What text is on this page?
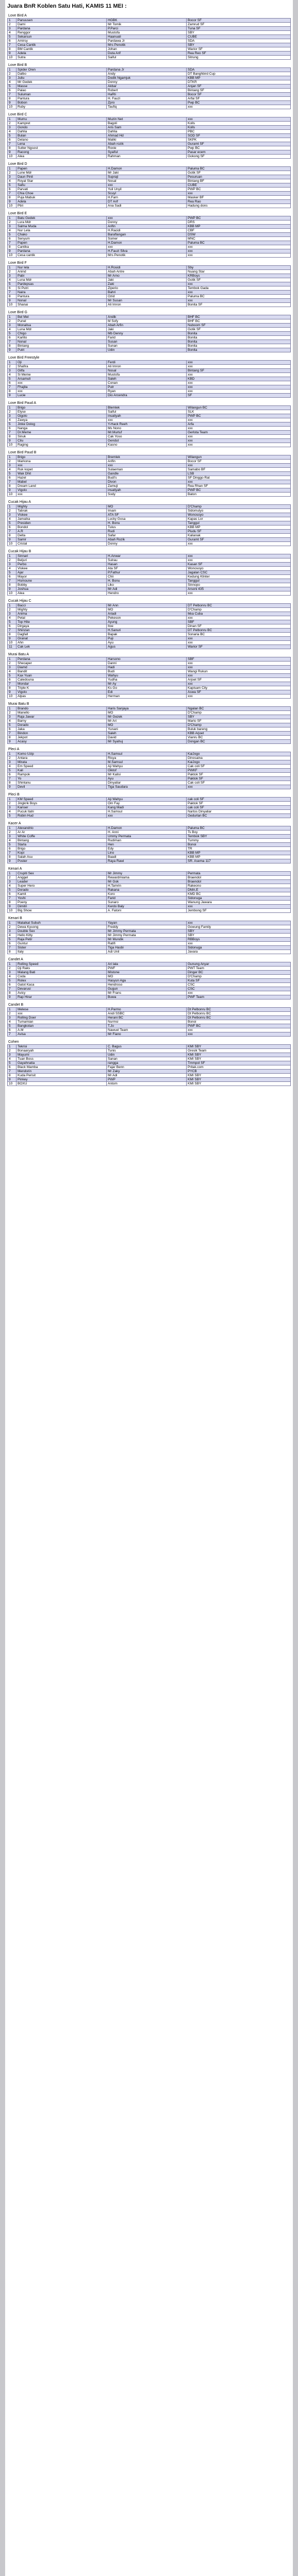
Juara BnR Koblen Satu Hati, KAMIS 11 MEI :
Love Bird A
1	Panuusen	HGBK	Bocor SF
2	Dami	Mr Tomik	Zamrud SF
3	Pardana	P.Parci	Tuna SF
4	Renggor	Mustofa	SBY
5	Sekarsun	Haanuali	CUBE
6	Amirsy	Pardawa Jr	SDA
7	Cesa Cantik	Mrs Penotik	SBY
8	BM Cantik	Johan	Warior SF
9	Adela	Duta Arif	Rea Reo SF
10	Sutra	Saiful	Sitrung
Love Bird B
1	Spider Oren	Pardana Jr	SDA
2	Dalbo	Andy	DT Banghbird Cup
3	Juliu	Dodik Ngamjuk	KBB MP
4	Mr Gedek	Donny	DTKR
5	Masse	Akbar	Anjan SF
6	Palao	Robert	Bintang SF
7	Suluman	HaRli	Bocor SF
8	Pantura	H. Fauzi	Arfai SF
9	Bobon	Zpro	Pwp BC
10	Ruby	Taufiq	xxx
Love Bird C
1	Mumu	Muzin Net	xxx
2	Kampret	Bagoli	Kolls
3	Gondo	Aris Sam	Kolls
4	Dahlia	Dahlia	PBC
5	Bulan	Ahmad Hd	SOD SF
6	Delano	Maliki	SKPK
7	Lena	Abah rozik	Guramt SF
8	Sutter Ngsost	Roxie	Pwp BC
9	Racong	Syaiful	Pasar ecem
10	Alea	Rahman	Gokong SF
Love Bird D
1	Papen	H.Damon	Paluma BC
2	Lune Mdr	Mr Jaki	Gotik SF
3	Daun Pinit	Supraji	Pesuruan
4	Royal Star	Nosal	Bintang BF
5	Safiu	xxx	CUBE
6	Parvati	Yuli Unyil	PWP BC
7	Chia Choe	Scuyl	xxx
8	Puja Mabuk	H.Farn	Masker BF
9	Adela	DT Arif	Rea Rao
10	Ptiri	Ana Sadi	Hadung dons
Love Bird E
1	Batu Gedek	xxx	PWP BC
2	Lura Mdr	Donny	DRS
3	Salma Muda	Arifin	KBB MP
4	Nur Lela	H.Racidi	CBF
5	Chako	Baraflangan	DSW
6	Senyum	Somer	MNC
7	Papen	H.Damon	Paluma BC
8	Cantika	xxx	xxx
9	Pardana	H.Fauzi Silva	xxx
10	Cesa cantik	Mrs Penotik	xxx
Love Bird F
1	Nur lela	H.Rosidi	Sby
2	Anind	Abah Antre	Nuang Star
3	Pabi	Mr Arno	KRBoys
4	Luna Mdr	Jaki	Gotik SF
5	Pardepsas	Zaki	xxx
6	Si Putri	Ziperio	Tembok Gada
7	Naira	Bahri	xxx
8	Pantura	Ozid	Paluma BC
9	Nonal	Mr Susan	xxx
10	Shanai	Ali Imron	Bonita SF
Love Bird G
1	Bel Mel	Andik	BHF BC
2	Punel	M Sofy	BHF BC
3	Monalisa	Abah Arfin	Nuboom SF
4	Luna Mdr	Jaki	Gotik SF
5	Chigo	Mb Denny	Bonita
6	Karlito	Farid	Bonita
7	Nonal	Susan	Bonita
8	Bintang	Sunan	Bonita
9	Putri	Udin	Bonita
Love Bird Freestyle
1	Oji	Ferdi	xxx
2	Shafira	Ali Imron	xxx
3	Gilfa	Nosal	Bintang SF
4	Si Meme	Mustofa	xxx
5	Arsamuli	Saleh	KBD
6	xxx	Conan	xxx
7	Fhajita	Putr	xxx
8	xxx	Ryan	xxx
9	Lucie	Dio Arcendra	SF
Love Bird Paud A
1	Brigo	Blemlek	Wilangun BC
2	Elyse	Saiful	SLK
3	Gigolo	insatiyah	PWP BC
4	Zawya	xxx	xxx
5	Jinke Dolog	Y-Hack Reeh	Arfa
6	Nanga	Ms Nono	xxx
7	Dr.Meme	Mr.Murtuf	Gerlota Team
8	Sinuk	Cak Yoso	xxx
9	Cilu	Gendut	xxx
10	Raging	Kasno	xxx
Love Bird Paud B
1	Brigo	Bremlek	Wilangun
2	Markona	Arifin	Bocor SF
3	xxx	xxx	xxx
4	Ruk kopet	Sulaeman	Samabo BF
5	Wak Dhit	Gandle	LSB
6	Hazel	Budi's	SF Dinggo Rat
7	Mabel	Divon	xxx
8	Dream Land	Zamuji	Rea Rhan SF
9	Vigolo	insatiyah	PWP BC
10	xxx	Sody	Baton
Cucak Hijau A
1	Mighty	MO	D'Champ
2	Tabrak	Imam	Sidomulyo
3	Viskee	ATA SF	Wonosoyo
4	Jamaika	Lucky Gosa	Kapas Lor
5	Presiden	H. Bonu	Tanggul
6	Bondol	Tulus	KBB MP
7	A.R	Rudi	Pludu SF
8	Delta	Safar	Kalianak
9	Samir	Abah Rozik	Guramt SF
10	Cristal	Donny	xxx
Cucak Hijau B
1	Sinnari	H.Anwar	xxx
2	Beljuri	Sulrau	xxx
3	Perbo	Hasan	Kasan SF
4	Viskee	Ata SF	Wonosoyo
5	Ajar	P.Fathur	Jagalan CSC
6	Mayor	Chii	Kedung Klinter
7	Hsmoune	H. Bonu	Tanggul
8	Bobby	Liko	Sinnopo
9	Joshua	Mr Adi	Arsoni 435
10	Alea	Hendro	xxx
Cucak Hijau C
1	Bacci	Mr Ann	DT Pelbonru BC
2	Mighty	MO	D'Champ
3	Anima	Ariadi	Ikka Cuba
4	Petal	Pekeson	xxx
5	Top Hite	Ayung	SBF
6	Dirgaya	Itoe	Dinan SF
7	Shinzan	H.Sanuri	DT Pelbonru BC
8	Dagfall	Bapak	Sonaria BC
9	Granat	Puji	xxx
10	Ahn	Ayu	xxx
11	Cak Lek	Agus	Warior SF
Murai Batu A
1	Perdana	Harsono	SBF
2	Shecaper	Danni	xxx
3	Diamd	Hadi	xxx
4	Bandit	Budi	Wangi Rukun
5	Kax Yuan	Wahyu	xxx
6	Caledouna	Yudha	Arjoet SF
7	Mondar	Mr Ay	xxx
8	Triple K	Ks Go	Kapisam City
9	Vigolo	Edi	Aswa SF
10	Alpas	Herman	xxx
Murai Batu B
1	Brando	Haris Sanjaya	Ngalan BC
2	Manello	MO	D'Champ
3	Raja Jawar	Mr Gezek	SBY
4	Barny	Mr Ari	Marto SF
5	Dorado	MO	D'Champ
6	Jaka	Yunani	Buluk bareng
7	Bindon	Saleh	KBB Arjoet
8	Jekpot	David	Vianru BC
9	Acasy	Mr Syahuj	Dongan BC
Pleci A
1	Komo Uzip	H.Samsul	KaiJogo
2	Antara	Risya	Dinosaina
3	Mirata	M.Samsul	KaiJogo
4	Em Speed	Aji Wahyu	Cak coli SF
5	Kali	Oiktof	PWKF
6	Rampok	Mr Kalisi	Paktok SF
7	Yo	Ayu	Paktok SF
8	Shintanu	Dinyaliar	Cak coli SF
9	Devil	Tiga Saudara	xxx
Pleci B
1	KM Speed	Aji Wahyu	cak coli SF
2	Jingkrik Boys	Om Fay	Paktok SF
3	Kanser	Kang Madi	cak coli SF
4	Pucuk Ilahi	H.Samsul	Nartos Dinyaliar
5	Robin Hud	xxx	Gedurlan BC
Kacer A
1	Alexandrio	H.Damon	Paluma BC
2	Ar Ar	H. Anni	Ts Boy
3	White Coffe	Ummy Permata	Tembok SBY
4	Bintang	Rudiman	Tummy
5	Starla	Hen	Bonoi
6	Brigo	Edy	TR
7	Kopi	Lino	KBB MP
8	Salah Asu	Baadi	KBB MP
9	Poster	Raya Rawi	SR. Asema 117
Kenari A
1	Crupiti Sex	Mr Jimmy	Permata
2	Anggel	Rewardmiama	Braendol
3	Leader	Mr Gok	Braendol
4	Super Hero	H.Tamrin	Rakeono
5	Dorado	Rakana	DMA.E
6	Kamit	Koro	KMD BC
7	Yoshi	Farid	Sidonuga
8	Poeny	Sunaro	Wanung Jawara
9	Dimitri	Kerdo Baly	xxx
10	Big Show	A. Fatoni	Jembong SF
Kenari B
1	Malaikat Subuh	Yayan	xxx
2	Dewa Kyuong	Freddy	Gowung Family
3	Double Sex	Mr Jimmy Permata	SBY
4	Hello Kitty	Mr Jimmy Permata	SBY
5	Raja Petir	Mr Mundik	RBBoys
6	Guntur	Ratifi	xxx
7	Sister	Tiga Hasbi	Sidonuga
8	Italy	Adi Unil	Javara
Candet A
1	Rolling Speed	Ari lala	Gunung Anyar
2	Dji Raks	PWF	PWT Team
3	Malang Bati	Mistone	Dinger BC
4	Coda	MO	D'Champ
5	Rolex	Hasyun Aga	Kuta SF
6	Gatot Kaca	Hendroso	CSC
7	Devarusi	Gugun	CSC
8	Avicy	Mr Frans	xxx
9	Rap Hirar	Buwa	PWF Team
Candet B
1	Melese	H.Parmo	Dt Pelbonru BC
2	xxx	Andi SSBC	Dt Pelbonru BC
3	Rolling Doer	Herani BC	Dt Pelbonru BC
4	Tumamian	Nurmsi	Bonoi
5	Bangkotan	T.Jo	PWF BC
6	A.M	Nawuel Team	xxx
7	Avisa	Mr Fiano	xxx
Cohen
1	Tekrisi	C. Bagus	KMI SBY
2	Bonaaryah	Tunis	Gresik Team
3	Mayumi	Udin	KMI SBY
4	Tuan Boss	Sanan	KMI SBY
5	Gayahnatia	rangga	Tmmpol SF
6	Black Mamba	Fajar Benn	Pritak.com
7	Mendorin	Mr Zaky	PYCB
8	Kuda Perisit	Mr Adi	KMI SBY
9	Pinkey	PWP	KMI SBY
10	BOXU	Antom	KMI SBY
